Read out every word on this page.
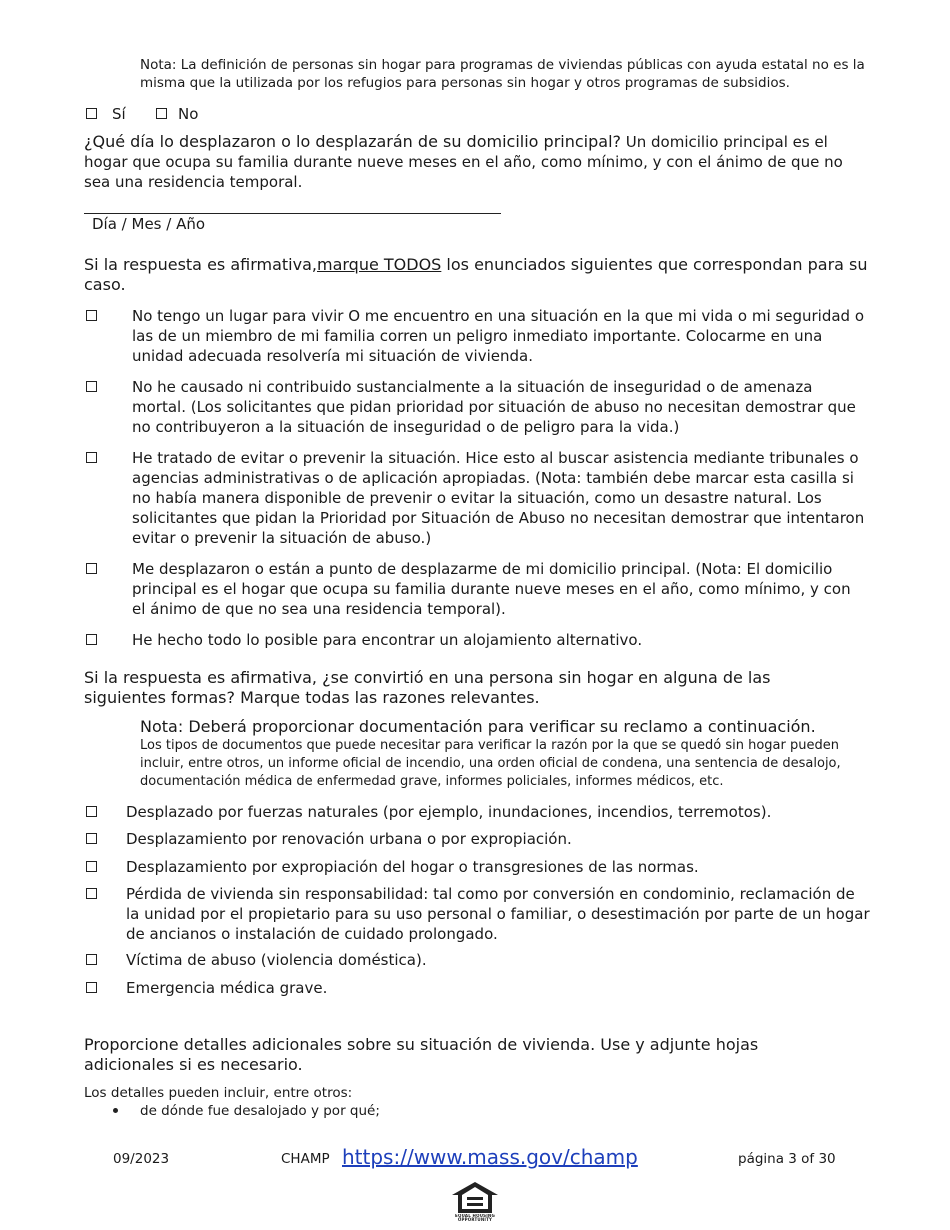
Nota: La definición de personas sin hogar para programas de viviendas públicas con ayuda estatal no es la misma que la utilizada por los refugios para personas sin hogar y otros programas de subsidios.
Sí	No
¿Qué día lo desplazaron o lo desplazarán de su domicilio principal? Un domicilio principal es el hogar que ocupa su familia durante nueve meses en el año, como mínimo, y con el ánimo de que no sea una residencia temporal.
Día / Mes / Año
Si la respuesta es afirmativa,marque TODOS los enunciados siguientes que correspondan para su caso.
No tengo un lugar para vivir O me encuentro en una situación en la que mi vida o mi seguridad o las de un miembro de mi familia corren un peligro inmediato importante. Colocarme en una unidad adecuada resolvería mi situación de vivienda.
No he causado ni contribuido sustancialmente a la situación de inseguridad o de amenaza mortal. (Los solicitantes que pidan prioridad por situación de abuso no necesitan demostrar que no contribuyeron a la situación de inseguridad o de peligro para la vida.)
He tratado de evitar o prevenir la situación. Hice esto al buscar asistencia mediante tribunales o agencias administrativas o de aplicación apropiadas. (Nota: también debe marcar esta casilla si no había manera disponible de prevenir o evitar la situación, como un desastre natural. Los solicitantes que pidan la Prioridad por Situación de Abuso no necesitan demostrar que intentaron evitar o prevenir la situación de abuso.)
Me desplazaron o están a punto de desplazarme de mi domicilio principal. (Nota: El domicilio principal es el hogar que ocupa su familia durante nueve meses en el año, como mínimo, y con el ánimo de que no sea una residencia temporal).
He hecho todo lo posible para encontrar un alojamiento alternativo.
Si la respuesta es afirmativa, ¿se convirtió en una persona sin hogar en alguna de las siguientes formas? Marque todas las razones relevantes.
Nota: Deberá proporcionar documentación para verificar su reclamo a continuación.
Los tipos de documentos que puede necesitar para verificar la razón por la que se quedó sin hogar pueden incluir, entre otros, un informe oficial de incendio, una orden oficial de condena, una sentencia de desalojo, documentación médica de enfermedad grave, informes policiales, informes médicos, etc.
Desplazado por fuerzas naturales (por ejemplo, inundaciones, incendios, terremotos).
Desplazamiento por renovación urbana o por expropiación.
Desplazamiento por expropiación del hogar o transgresiones de las normas.
Pérdida de vivienda sin responsabilidad: tal como por conversión en condominio, reclamación de la unidad por el propietario para su uso personal o familiar, o desestimación por parte de un hogar de ancianos o instalación de cuidado prolongado.
Víctima de abuso (violencia doméstica).
Emergencia médica grave.
Proporcione detalles adicionales sobre su situación de vivienda. Use y adjunte hojas adicionales si es necesario.
Los detalles pueden incluir, entre otros:
de dónde fue desalojado y por qué;
09/2023	CHAMP https://www.mass.gov/champ	página 3 of 30
EQUAL HOUSING OPPORTUNITY
